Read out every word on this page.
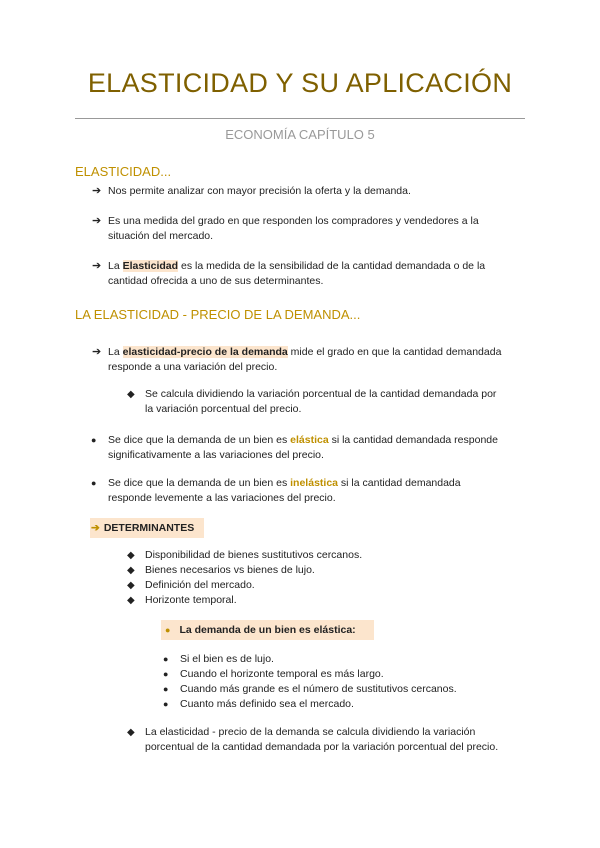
ELASTICIDAD Y SU APLICACIÓN
ECONOMÍA CAPÍTULO 5
ELASTICIDAD...
➔ Nos permite analizar con mayor precisión la oferta y la demanda.
➔ Es una medida del grado en que responden los compradores y vendedores a la
situación del mercado.
➔ La Elasticidad es la medida de la sensibilidad de la cantidad demandada o de la
cantidad ofrecida a uno de sus determinantes.
LA ELASTICIDAD - PRECIO DE LA DEMANDA...
➔ La elasticidad-precio de la demanda mide el grado en que la cantidad demandada
responde a una variación del precio.
◆ Se calcula dividiendo la variación porcentual de la cantidad demandada por
la variación porcentual del precio.
● Se dice que la demanda de un bien es elástica si la cantidad demandada responde
significativamente a las variaciones del precio.
● Se dice que la demanda de un bien es inelástica si la cantidad demandada
responde levemente a las variaciones del precio.
➔ DETERMINANTES
◆ Disponibilidad de bienes sustitutivos cercanos.
◆ Bienes necesarios vs bienes de lujo.
◆ Definición del mercado.
◆ Horizonte temporal.
● La demanda de un bien es elástica:
● Si el bien es de lujo.
● Cuando el horizonte temporal es más largo.
● Cuando más grande es el número de sustitutivos cercanos.
● Cuanto más definido sea el mercado.
◆ La elasticidad - precio de la demanda se calcula dividiendo la variación
porcentual de la cantidad demandada por la variación porcentual del precio.
